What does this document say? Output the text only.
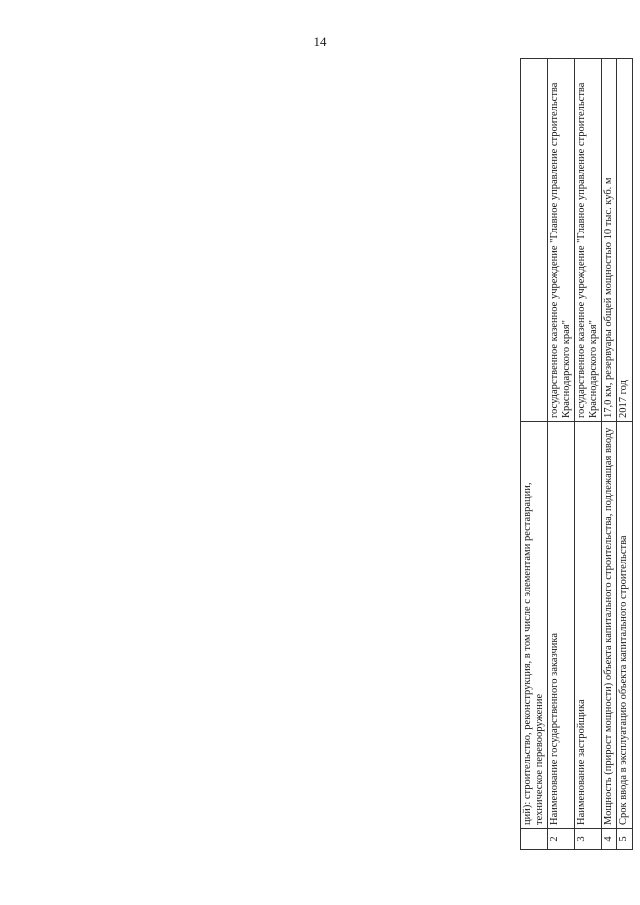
14
	ций): строительство, реконструкция, в том числе с элементами реставрации, техническое перевооружение	
2	Наименование государственного заказчика	государственное казенное учреждение "Главное управление строительства Краснодарского края"
3	Наименование застройщика	государственное казенное учреждение "Главное управление строительства Краснодарского края"
4	Мощность (прирост мощности) объекта капитального строительства, подлежащая вводу	17,0 км, резервуары общей мощностью 10 тыс. куб. м
5	Срок ввода в эксплуатацию объекта капитального строительства	2017 год
